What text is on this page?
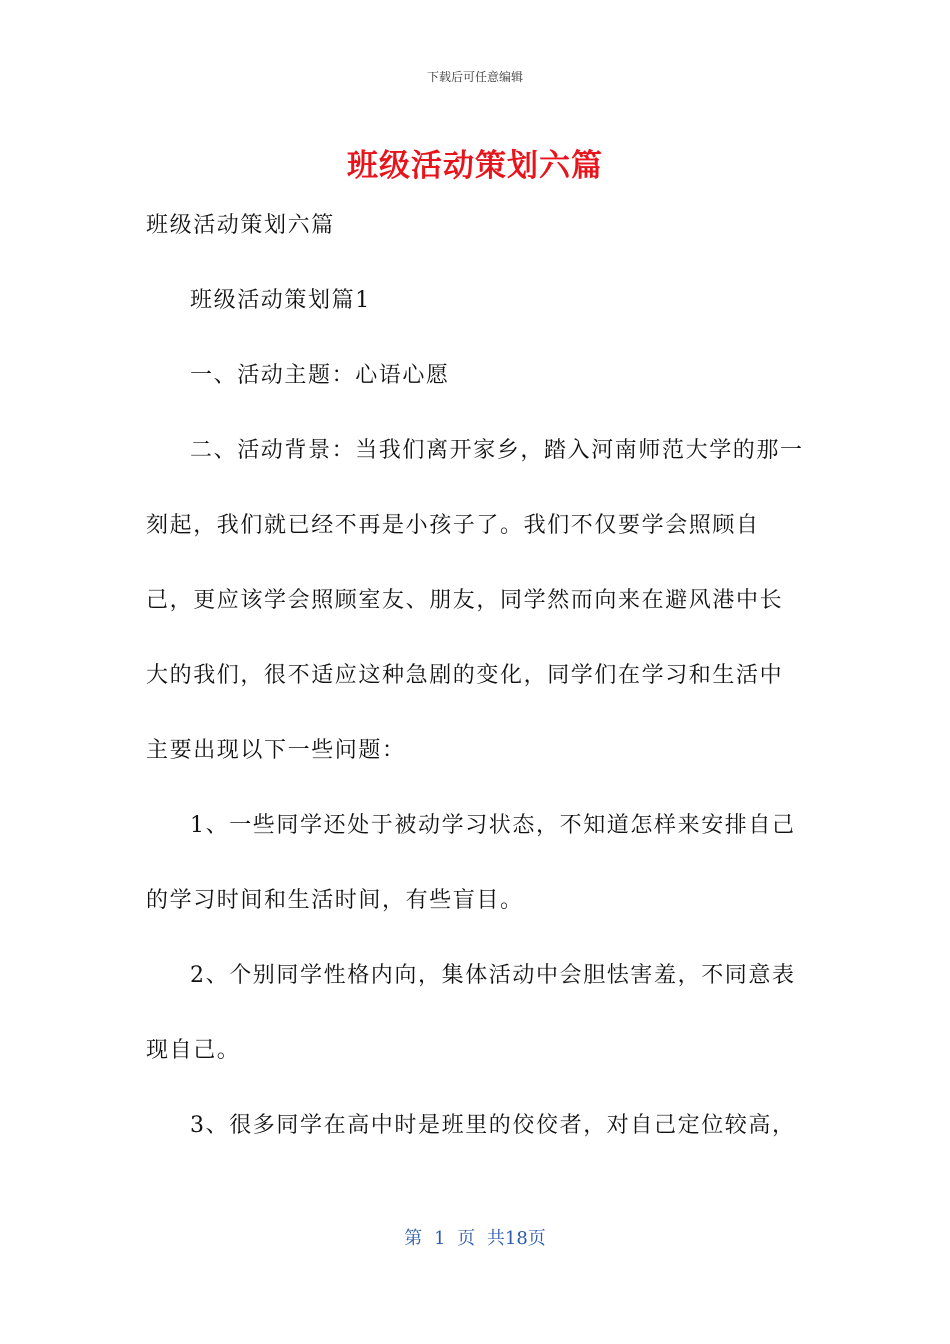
下载后可任意编辑
班级活动策划六篇

班级活动策划六篇

班级活动策划篇1

一、活动主题：心语心愿

二、活动背景：当我们离开家乡，踏入河南师范大学的那一刻起，我们就已经不再是小孩子了。我们不仅要学会照顾自己，更应该学会照顾室友、朋友，同学然而向来在避风港中长大的我们，很不适应这种急剧的变化，同学们在学习和生活中主要出现以下一些问题：

1、一些同学还处于被动学习状态，不知道怎样来安排自己的学习时间和生活时间，有些盲目。

2、个别同学性格内向，集体活动中会胆怯害羞，不同意表现自己。

3、很多同学在高中时是班里的佼佼者，对自己定位较高，

第 1 页 共18页
